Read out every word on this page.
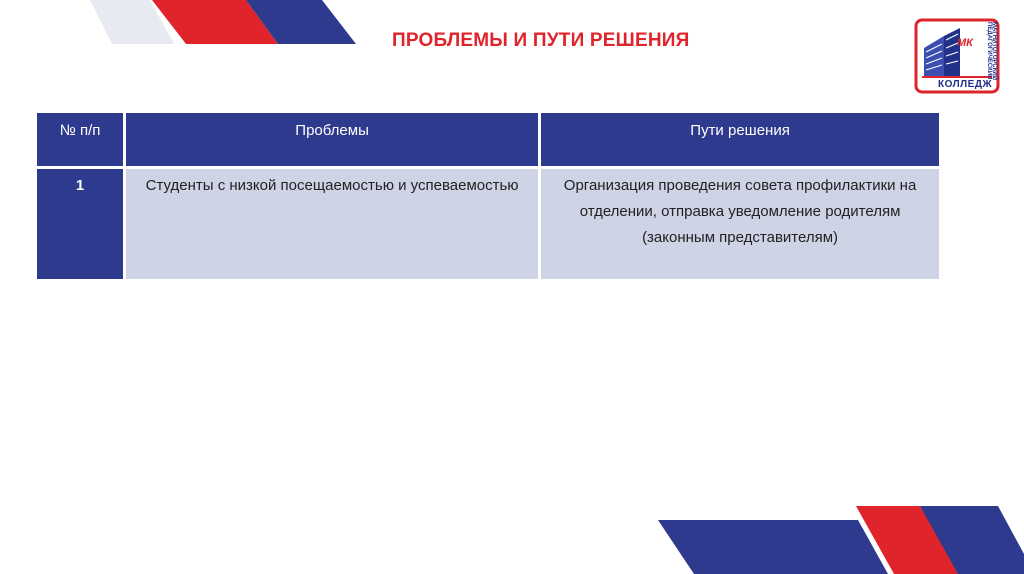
ПРОБЛЕМЫ И ПУТИ РЕШЕНИЯ	МК	МАГНИТОГОРСКИЙ ПЕДАГОГИЧЕСКИЙ
КОЛЛЕДЖ
№ п/п	Проблемы	Пути решения
1	Студенты с низкой посещаемостью и успеваемостью	Организация проведения совета профилактики на отделении, отправка уведомление родителям (законным представителям)
